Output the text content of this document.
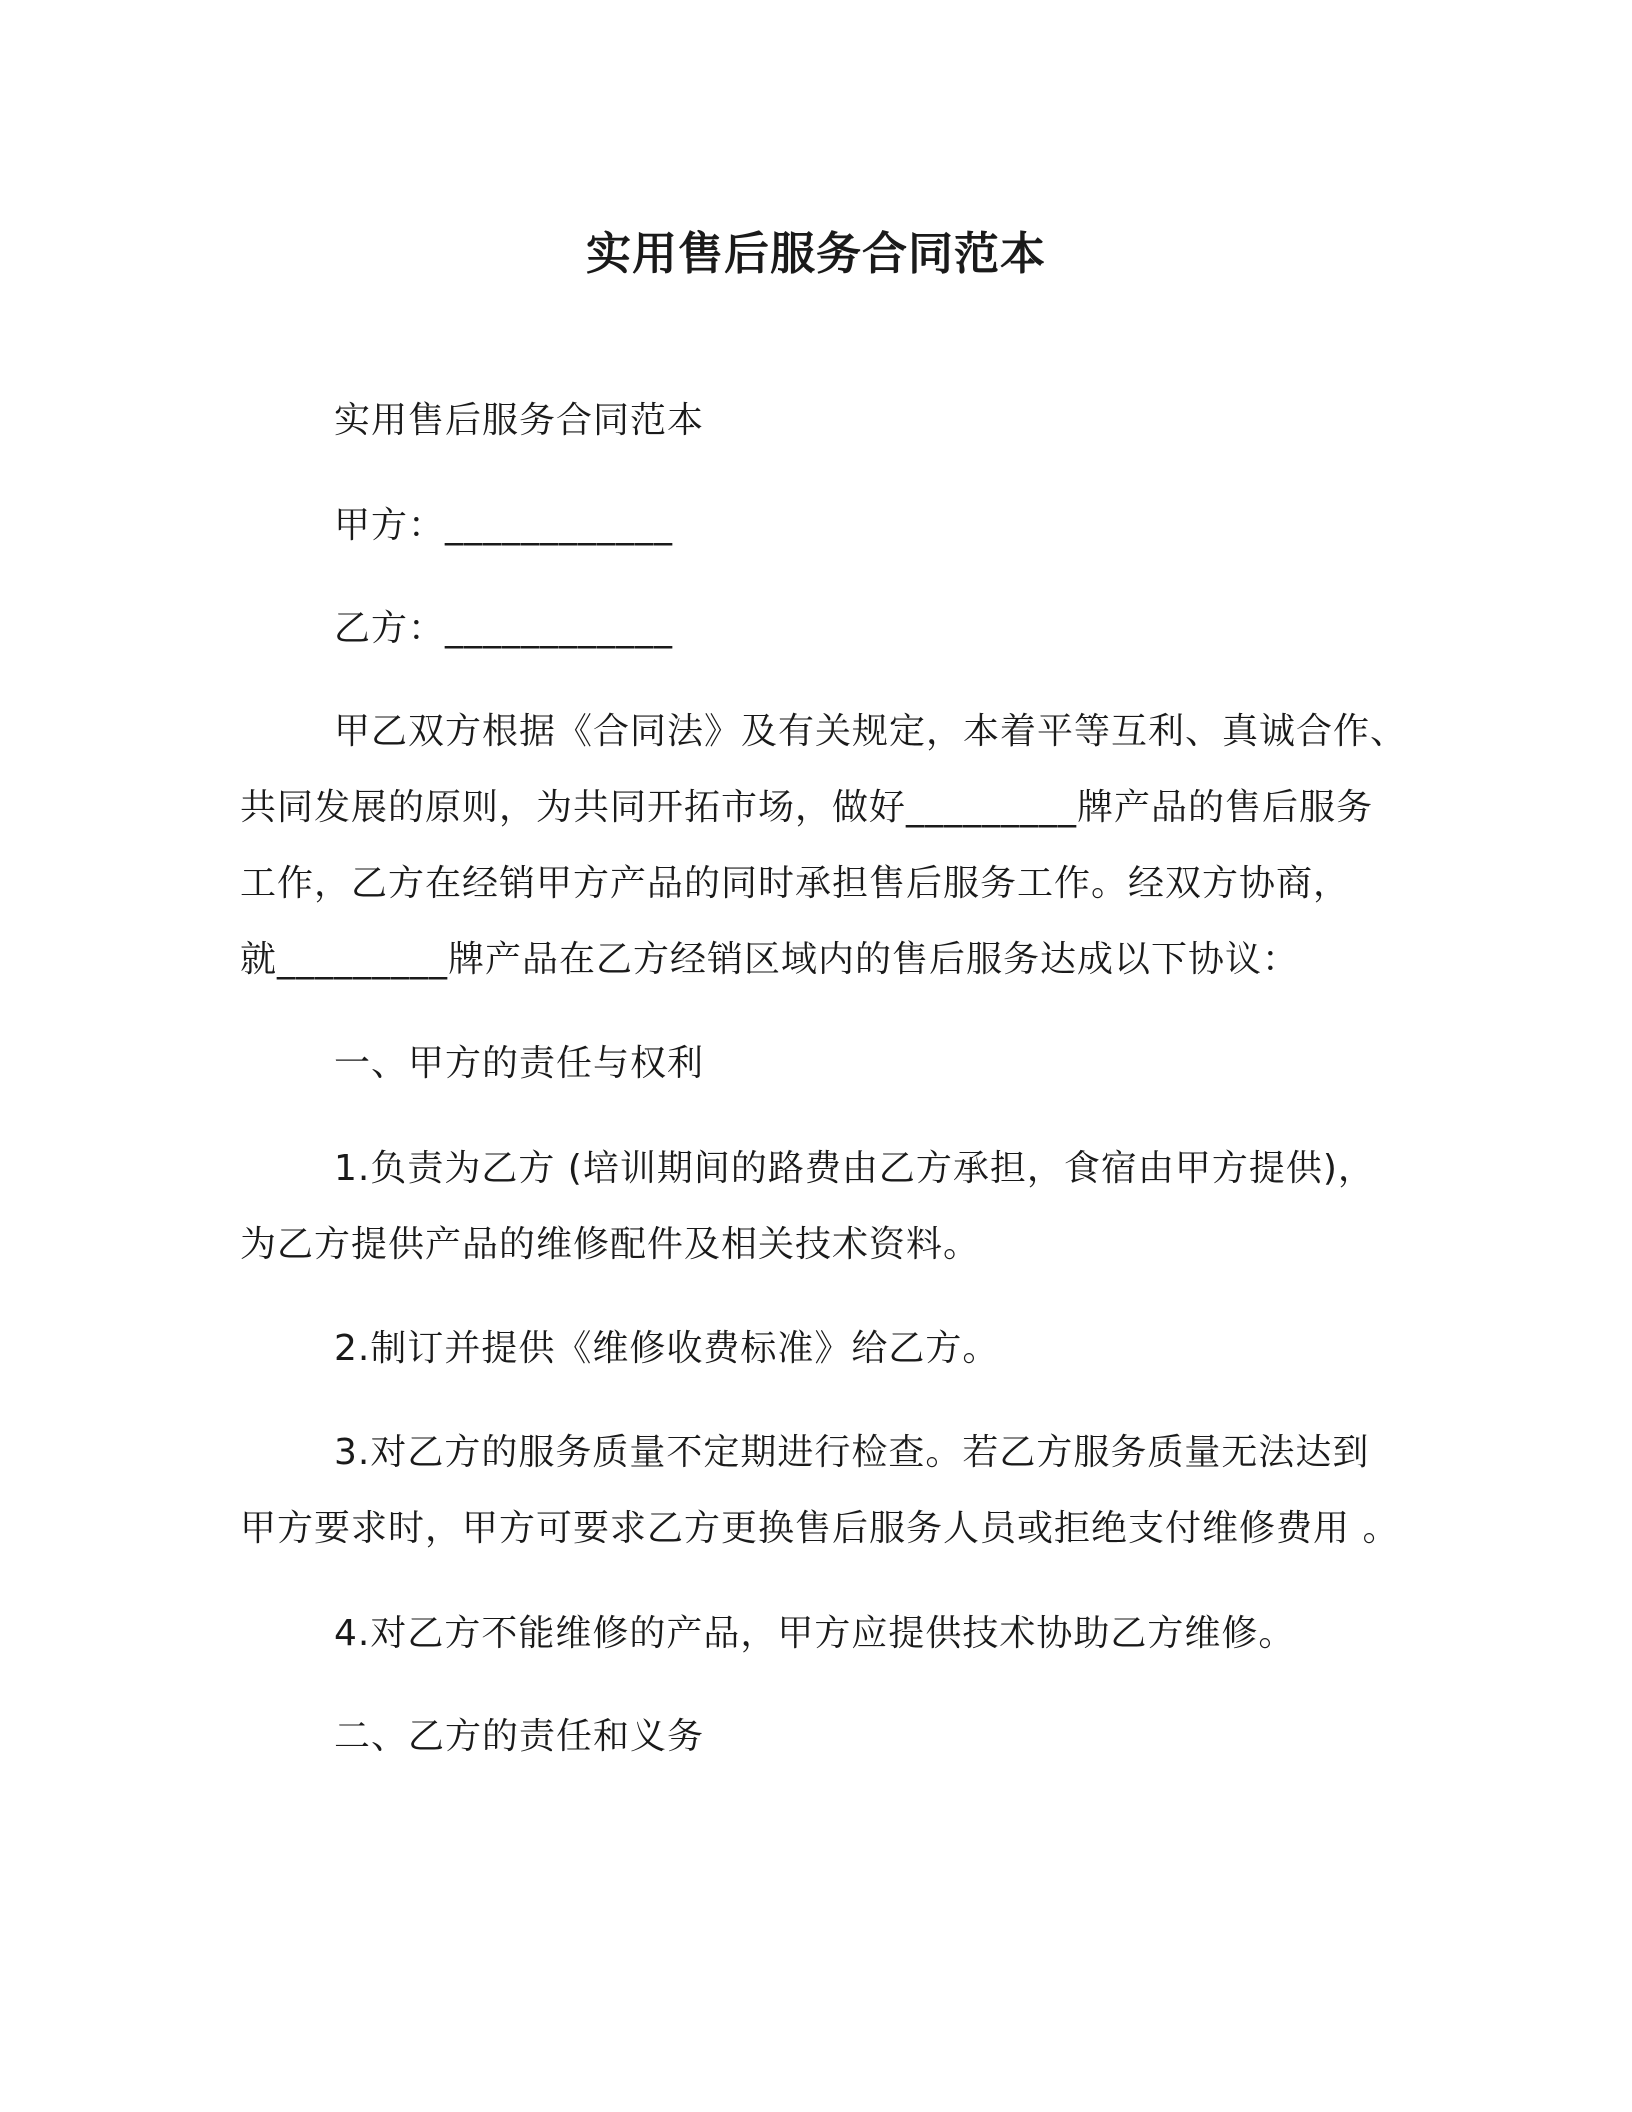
实用售后服务合同范本
实用售后服务合同范本
甲方：____________
乙方：____________
甲乙双方根据《合同法》及有关规定，本着平等互利、真诚合作、
共同发展的原则，为共同开拓市场，做好_________牌产品的售后服务
工作，乙方在经销甲方产品的同时承担售后服务工作。经双方协商，
就_________牌产品在乙方经销区域内的售后服务达成以下协议：
一、甲方的责任与权利
1.负责为乙方 (培训期间的路费由乙方承担，食宿由甲方提供)，
为乙方提供产品的维修配件及相关技术资料。
2.制订并提供《维修收费标准》给乙方。
3.对乙方的服务质量不定期进行检查。若乙方服务质量无法达到
甲方要求时，甲方可要求乙方更换售后服务人员或拒绝支付维修费用 。
4.对乙方不能维修的产品，甲方应提供技术协助乙方维修。
二、乙方的责任和义务
